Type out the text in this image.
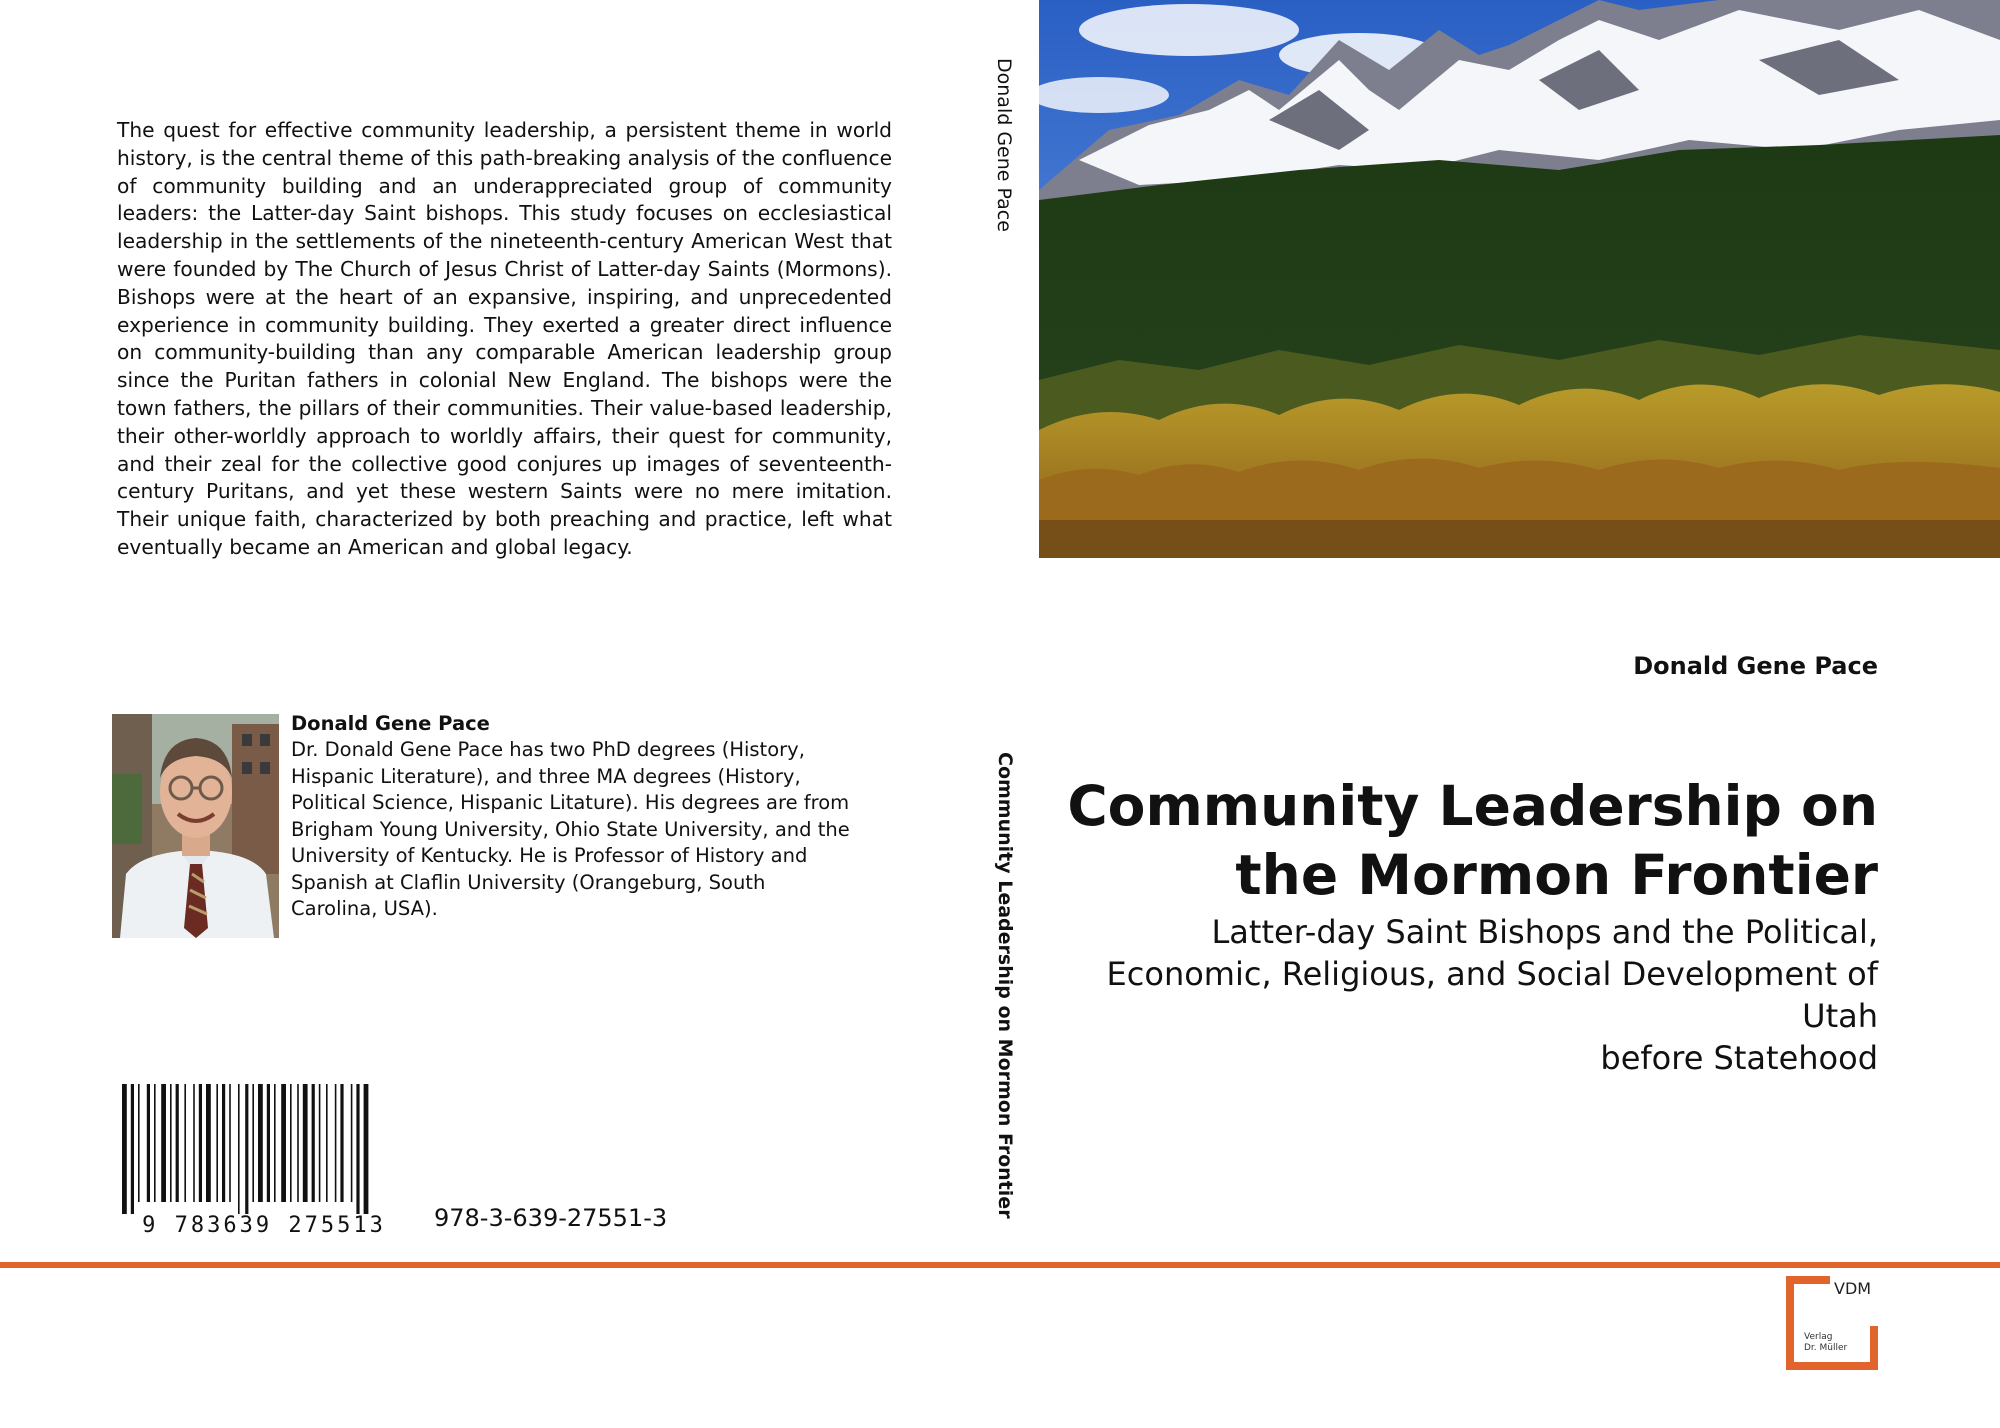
The quest for effective community leadership, a persistent theme in world history, is the central theme of this path-breaking analysis of the confluence of community building and an underappreciated group of community leaders: the Latter-day Saint bishops. This study focuses on ecclesiastical leadership in the settlements of the nineteenth-century American West that were founded by The Church of Jesus Christ of Latter-day Saints (Mormons). Bishops were at the heart of an expansive, inspiring, and unprecedented experience in community building. They exerted a greater direct influence on community-building than any comparable American leadership group since the Puritan fathers in colonial New England. The bishops were the town fathers, the pillars of their communities. Their value-based leadership, their other-worldly approach to worldly affairs, their quest for community, and their zeal for the collective good conjures up images of seventeenth- century Puritans, and yet these western Saints were no mere imitation. Their unique faith, characterized by both preaching and practice, left what eventually became an American and global legacy.

Donald Gene Pace

Dr. Donald Gene Pace has two PhD degrees (History, Hispanic Literature), and three MA degrees (History, Political Science, Hispanic Litature). His degrees are from Brigham Young University, Ohio State University, and the University of Kentucky. He is Professor of History and Spanish at Claflin University (Orangeburg, South Carolina, USA).

9 783639 275513 978-3-639-27551-3
Donald Gene Pace
Community Leadership on Mormon Frontier
Donald Gene Pace

Community Leadership on the Mormon Frontier

Latter-day Saint Bishops and the Political,
Economic, Religious, and Social Development of
Utah
before Statehood

VDM
Verlag
Dr. Müller
